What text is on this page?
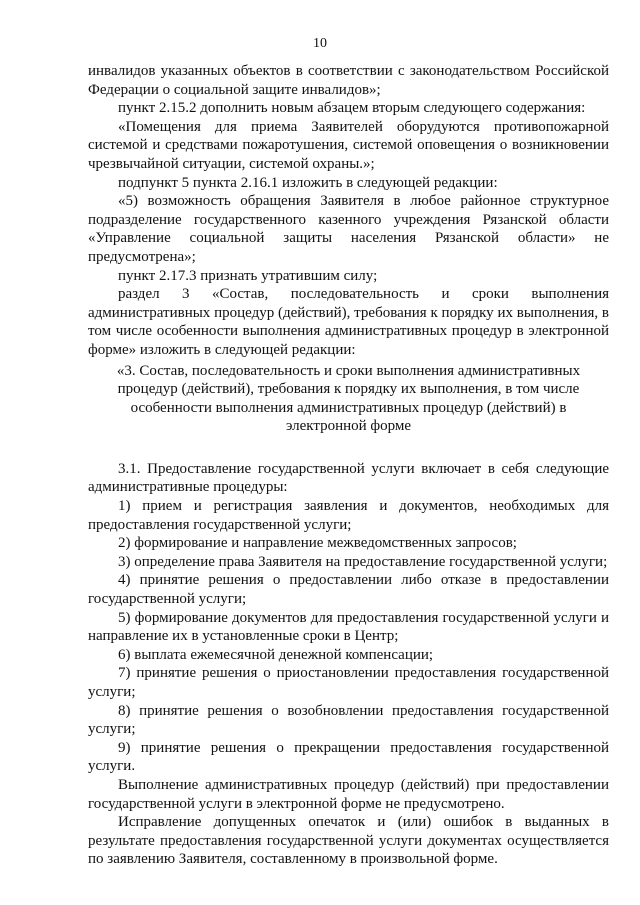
10

инвалидов указанных объектов в соответствии с законодательством Российской Федерации о социальной защите инвалидов»;

пункт 2.15.2 дополнить новым абзацем вторым следующего содержания:

«Помещения для приема Заявителей оборудуются противопожарной системой и средствами пожаротушения, системой оповещения о возникновении чрезвычайной ситуации, системой охраны.»;

подпункт 5 пункта 2.16.1 изложить в следующей редакции:

«5) возможность обращения Заявителя в любое районное структурное подразделение государственного казенного учреждения Рязанской области «Управление социальной защиты населения Рязанской области» не предусмотрена»;

пункт 2.17.3 признать утратившим силу;

раздел 3 «Состав, последовательность и сроки выполнения административных процедур (действий), требования к порядку их выполнения, в том числе особенности выполнения административных процедур в электронной форме» изложить в следующей редакции:

«3. Состав, последовательность и сроки выполнения административных процедур (действий), требования к порядку их выполнения, в том числе особенности выполнения административных процедур (действий) в электронной форме

3.1. Предоставление государственной услуги включает в себя следующие административные процедуры:

1) прием и регистрация заявления и документов, необходимых для предоставления государственной услуги;

2) формирование и направление межведомственных запросов;

3) определение права Заявителя на предоставление государственной услуги;

4) принятие решения о предоставлении либо отказе в предоставлении государственной услуги;

5) формирование документов для предоставления государственной услуги и направление их в установленные сроки в Центр;

6) выплата ежемесячной денежной компенсации;

7) принятие решения о приостановлении предоставления государственной услуги;

8) принятие решения о возобновлении предоставления государственной услуги;

9) принятие решения о прекращении предоставления государственной услуги.

Выполнение административных процедур (действий) при предоставлении государственной услуги в электронной форме не предусмотрено.

Исправление допущенных опечаток и (или) ошибок в выданных в результате предоставления государственной услуги документах осуществляется по заявлению Заявителя, составленному в произвольной форме.
